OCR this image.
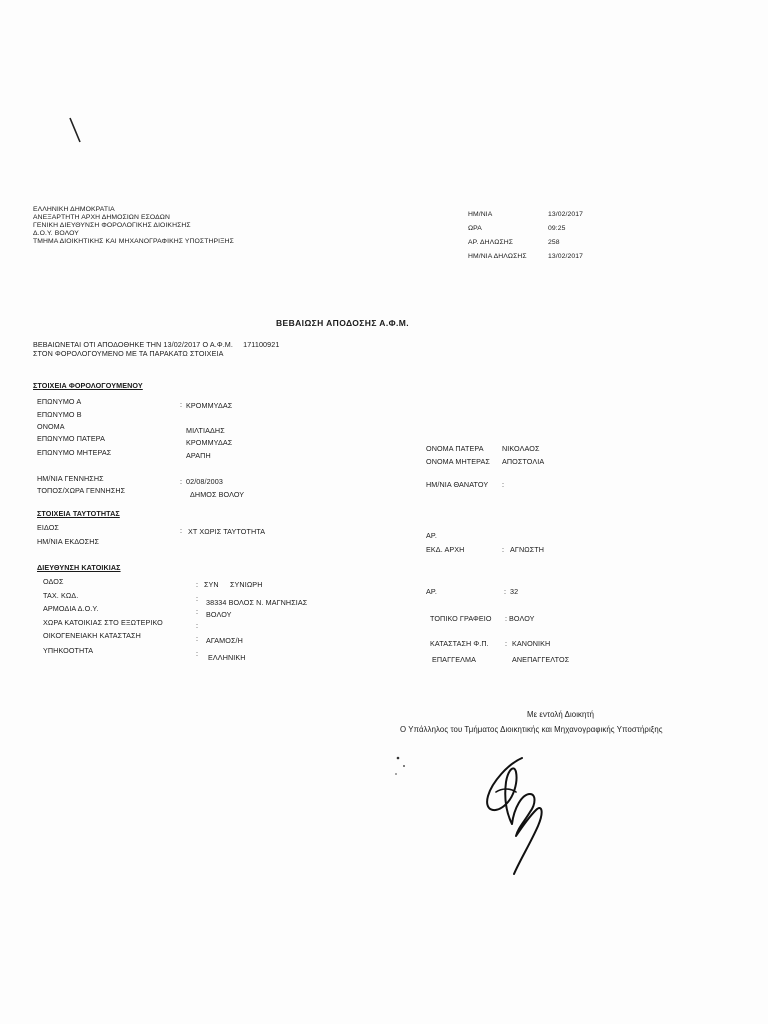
ΕΛΛΗΝΙΚΗ ΔΗΜΟΚΡΑΤΙΑ
ΑΝΕΞΑΡΤΗΤΗ ΑΡΧΗ ΔΗΜΟΣΙΩΝ ΕΣΟΔΩΝ
ΓΕΝΙΚΗ ΔΙΕΥΘΥΝΣΗ ΦΟΡΟΛΟΓΙΚΗΣ ΔΙΟΙΚΗΣΗΣ
Δ.Ο.Υ. ΒΟΛΟΥ
ΤΜΗΜΑ ΔΙΟΙΚΗΤΙΚΗΣ ΚΑΙ ΜΗΧΑΝΟΓΡΑΦΙΚΗΣ ΥΠΟΣΤΗΡΙΞΗΣ
ΗΜ/ΝΙΑ	13/02/2017
ΩΡΑ	09:25
ΑΡ. ΔΗΛΩΣΗΣ	258
ΗΜ/ΝΙΑ ΔΗΛΩΣΗΣ	13/02/2017
ΒΕΒΑΙΩΣΗ ΑΠΟΔΟΣΗΣ Α.Φ.Μ.
ΒΕΒΑΙΩΝΕΤΑΙ ΟΤΙ ΑΠΟΔΟΘΗΚΕ ΤΗΝ 13/02/2017 Ο Α.Φ.Μ. 171100921
ΣΤΟΝ ΦΟΡΟΛΟΓΟΥΜΕΝΟ ΜΕ ΤΑ ΠΑΡΑΚΑΤΩ ΣΤΟΙΧΕΙΑ
ΣΤΟΙΧΕΙΑ ΦΟΡΟΛΟΓΟΥΜΕΝΟΥ
ΕΠΩΝΥΜΟ Α	: ΚΡΟΜΜΥΔΑΣ
ΕΠΩΝΥΜΟ Β
ΟΝΟΜΑ	ΜΙΛΤΙΑΔΗΣ
ΕΠΩΝΥΜΟ ΠΑΤΕΡΑ	ΚΡΟΜΜΥΔΑΣ
ΕΠΩΝΥΜΟ ΜΗΤΕΡΑΣ	ΑΡΑΠΗ
ΟΝΟΜΑ ΠΑΤΕΡΑ	ΝΙΚΟΛΑΟΣ
ΟΝΟΜΑ ΜΗΤΕΡΑΣ ΑΠΟΣΤΟΛΙΑ
ΗΜ/ΝΙΑ ΓΕΝΝΗΣΗΣ	: 02/08/2003
ΤΟΠΟΣ/ΧΩΡΑ ΓΕΝΝΗΣΗΣ	ΔΗΜΟΣ ΒΟΛΟΥ
ΗΜ/ΝΙΑ ΘΑΝΑΤΟΥ :
ΣΤΟΙΧΕΙΑ ΤΑΥΤΟΤΗΤΑΣ
ΕΙΔΟΣ	: ΧΤ ΧΩΡΙΣ ΤΑΥΤΟΤΗΤΑ
ΗΜ/ΝΙΑ ΕΚΔΟΣΗΣ
ΑΡ.
ΕΚΔ. ΑΡΧΗ	: ΑΓΝΩΣΤΗ
ΔΙΕΥΘΥΝΣΗ ΚΑΤΟΙΚΙΑΣ
ΟΔΟΣ	: ΣΥΝ ΣΥΝΙΩΡΗ
ΑΡ.	: 32
ΤΑΧ. ΚΩΔ.	: 38334 ΒΟΛΟΣ Ν. ΜΑΓΝΗΣΙΑΣ
ΑΡΜΟΔΙΑ Δ.Ο.Υ.	: ΒΟΛΟΥ	ΤΟΠΙΚΟ ΓΡΑΦΕΙΟ : ΒΟΛΟΥ
ΧΩΡΑ ΚΑΤΟΙΚΙΑΣ ΣΤΟ ΕΞΩΤΕΡΙΚΟ	:
ΟΙΚΟΓΕΝΕΙΑΚΗ ΚΑΤΑΣΤΑΣΗ	: ΑΓΑΜΟΣ/Η	ΚΑΤΑΣΤΑΣΗ Φ.Π. : ΚΑΝΟΝΙΚΗ
ΥΠΗΚΟΟΤΗΤΑ	: ΕΛΛΗΝΙΚΗ	ΕΠΑΓΓΕΛΜΑ	ΑΝΕΠΑΓΓΕΛΤΟΣ
Με εντολή Διοικητή
Ο Υπάλληλος του Τμήματος Διοικητικής και Μηχανογραφικής Υποστήριξης
